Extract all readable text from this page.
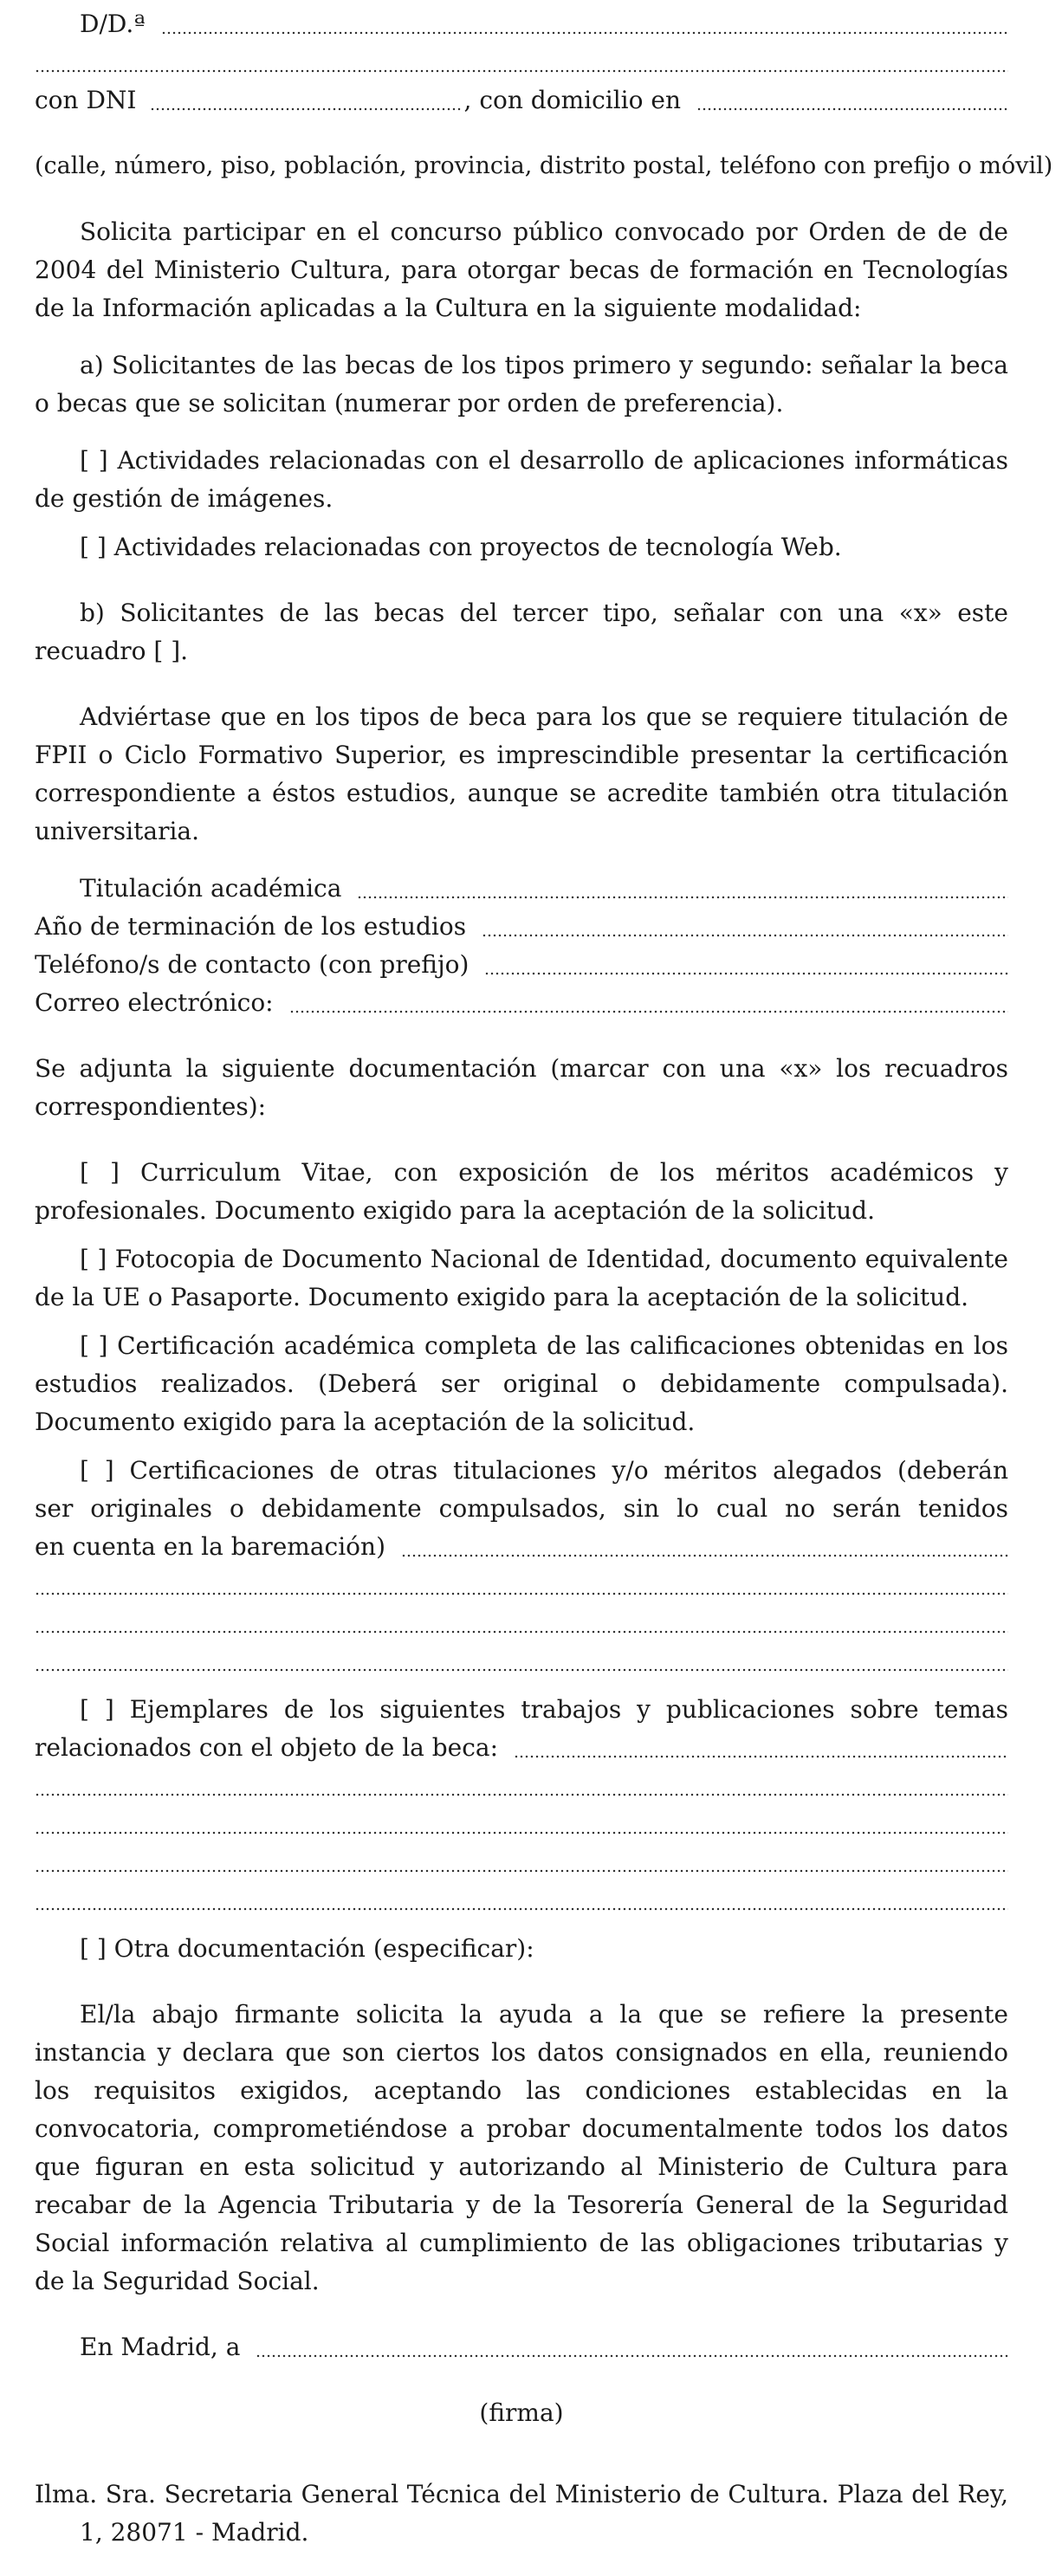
D/D.ª
con DNI	, con domicilio en

(calle, número, piso, población, provincia, distrito postal, teléfono con prefijo o móvil)

Solicita participar en el concurso público convocado por Orden de de de 2004 del Ministerio Cultura, para otorgar becas de formación en Tecnologías de la Información aplicadas a la Cultura en la siguiente modalidad:

a) Solicitantes de las becas de los tipos primero y segundo: señalar la beca o becas que se solicitan (numerar por orden de preferencia).

[ ] Actividades relacionadas con el desarrollo de aplicaciones informáticas de gestión de imágenes.

[ ] Actividades relacionadas con proyectos de tecnología Web.

b) Solicitantes de las becas del tercer tipo, señalar con una «x» este recuadro [ ].

Adviértase que en los tipos de beca para los que se requiere titulación de FPII o Ciclo Formativo Superior, es imprescindible presentar la certificación correspondiente a éstos estudios, aunque se acredite también otra titulación universitaria.

Titulación académica
Año de terminación de los estudios
Teléfono/s de contacto (con prefijo)
Correo electrónico:

Se adjunta la siguiente documentación (marcar con una «x» los recuadros correspondientes):

[ ] Curriculum Vitae, con exposición de los méritos académicos y profesionales. Documento exigido para la aceptación de la solicitud.

[ ] Fotocopia de Documento Nacional de Identidad, documento equivalente de la UE o Pasaporte. Documento exigido para la aceptación de la solicitud.

[ ] Certificación académica completa de las calificaciones obtenidas en los estudios realizados. (Deberá ser original o debidamente compulsada). Documento exigido para la aceptación de la solicitud.

[ ] Certificaciones de otras titulaciones y/o méritos alegados (deberán

ser originales o debidamente compulsados, sin lo cual no serán tenidos

en cuenta en la baremación)

[ ] Ejemplares de los siguientes trabajos y publicaciones sobre temas

relacionados con el objeto de la beca:

[ ] Otra documentación (especificar):

El/la abajo firmante solicita la ayuda a la que se refiere la presente instancia y declara que son ciertos los datos consignados en ella, reuniendo los requisitos exigidos, aceptando las condiciones establecidas en la convocatoria, comprometiéndose a probar documentalmente todos los datos que figuran en esta solicitud y autorizando al Ministerio de Cultura para recabar de la Agencia Tributaria y de la Tesorería General de la Seguridad Social información relativa al cumplimiento de las obligaciones tributarias y de la Seguridad Social.

En Madrid, a

(firma)

Ilma. Sra. Secretaria General Técnica del Ministerio de Cultura. Plaza del Rey, 1, 28071 - Madrid.
